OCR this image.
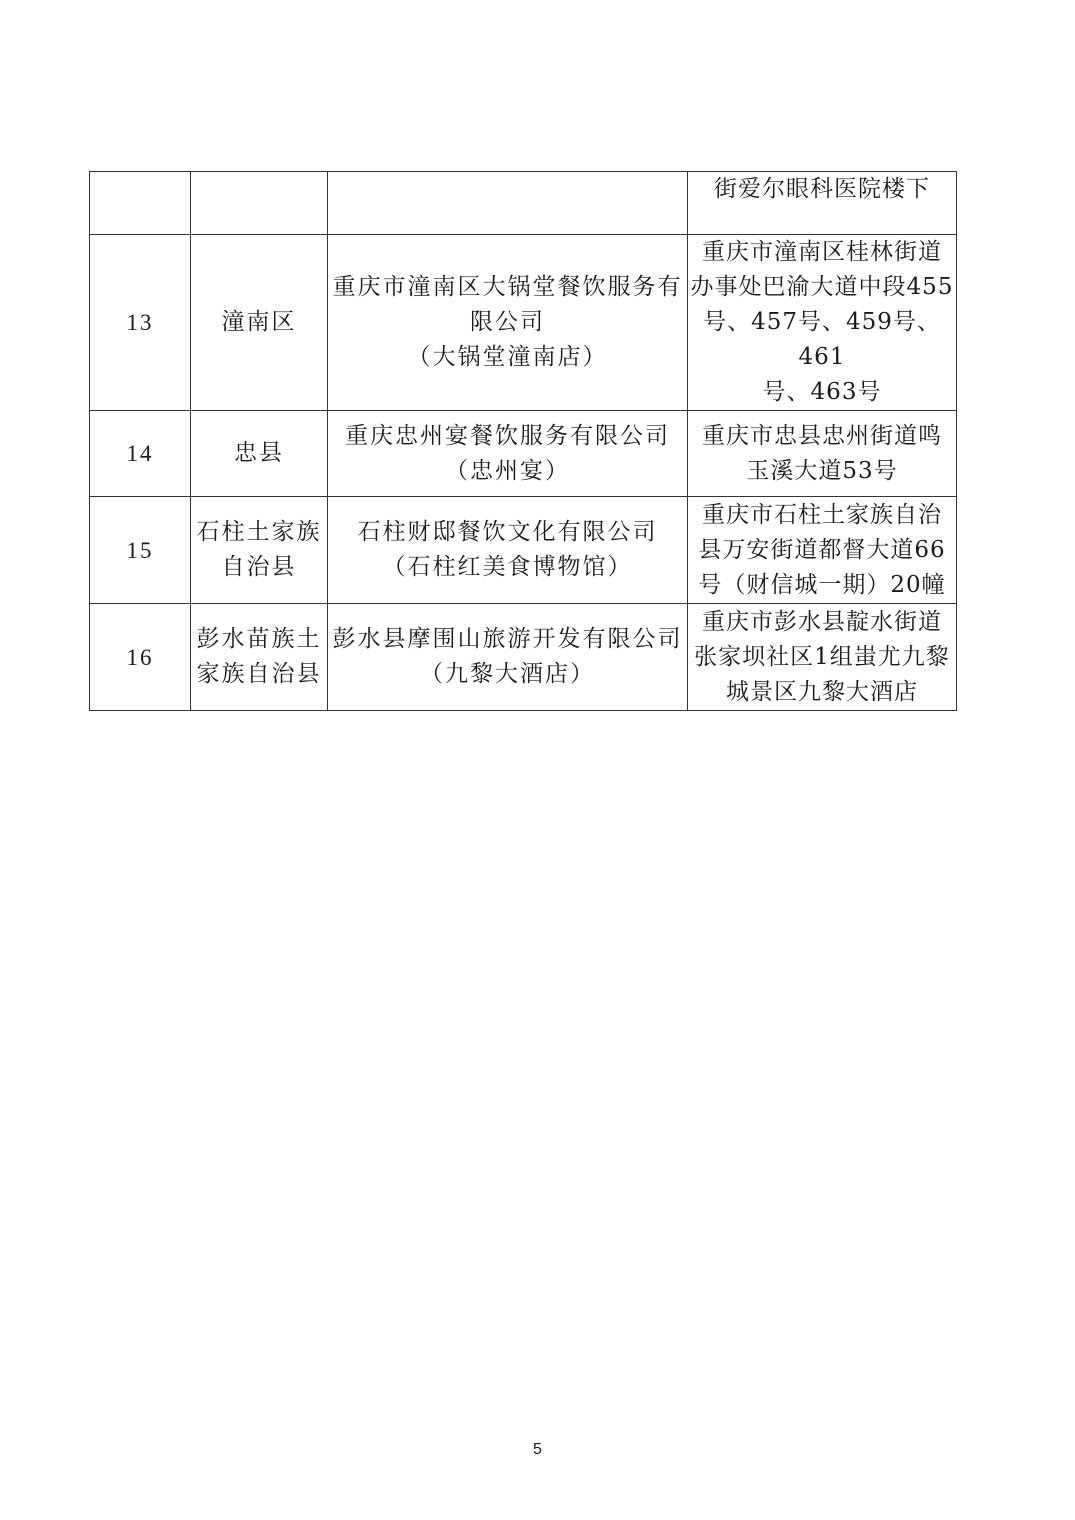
			街爱尔眼科医院楼下
13	潼南区	重庆市潼南区大锅堂餐饮服务有
限公司
（大锅堂潼南店）	重庆市潼南区桂林街道
办事处巴渝大道中段455
号、457号、459号、461
号、463号
14	忠县	重庆忠州宴餐饮服务有限公司
（忠州宴）	重庆市忠县忠州街道鸣
玉溪大道53号
15	石柱土家族
自治县	石柱财邸餐饮文化有限公司
（石柱红美食博物馆）	重庆市石柱土家族自治
县万安街道都督大道66
号（财信城一期）20幢
16	彭水苗族土
家族自治县	彭水县摩围山旅游开发有限公司
（九黎大酒店）	重庆市彭水县靛水街道
张家坝社区1组蚩尤九黎
城景区九黎大酒店
5
